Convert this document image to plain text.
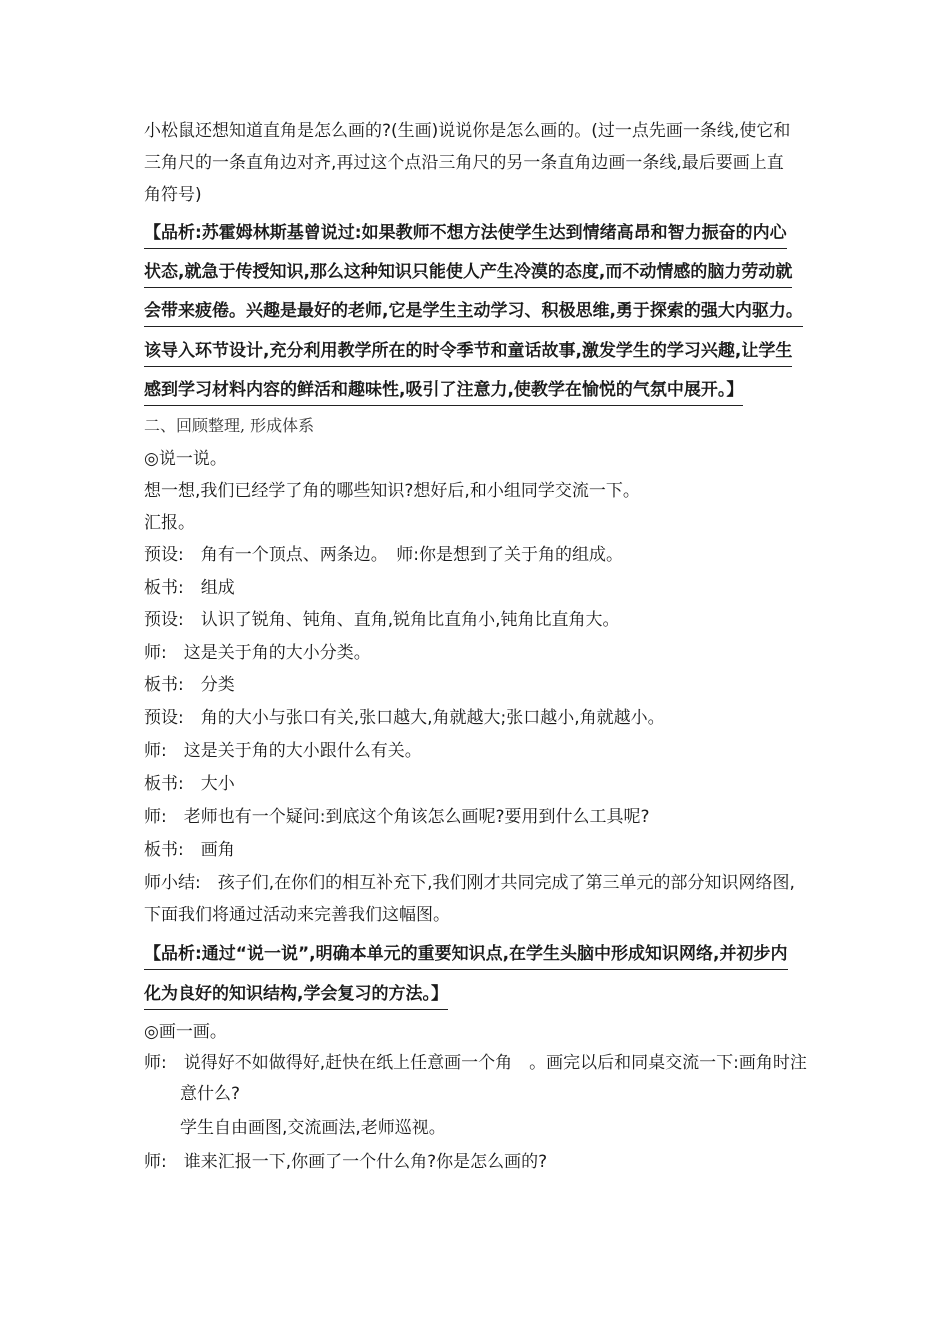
小松鼠还想知道直角是怎么画的?(生画)说说你是怎么画的。(过一点先画一条线,使它和
三角尺的一条直角边对齐,再过这个点沿三角尺的另一条直角边画一条线,最后要画上直
角符号)
【品析:苏霍姆林斯基曾说过:如果教师不想方法使学生达到情绪高昂和智力振奋的内心
状态,就急于传授知识,那么这种知识只能使人产生冷漠的态度,而不动情感的脑力劳动就
会带来疲倦。兴趣是最好的老师,它是学生主动学习、积极思维,勇于探索的强大内驱力。
该导入环节设计,充分利用教学所在的时令季节和童话故事,激发学生的学习兴趣,让学生
感到学习材料内容的鲜活和趣味性,吸引了注意力,使教学在愉悦的气氛中展开。】
二、回顾整理, 形成体系
◎说一说。
想一想,我们已经学了角的哪些知识?想好后,和小组同学交流一下。
汇报。
预设:　角有一个顶点、两条边。　师:你是想到了关于角的组成。
板书:　组成
预设:　认识了锐角、钝角、直角,锐角比直角小,钝角比直角大。
师:　这是关于角的大小分类。
板书:　分类
预设:　角的大小与张口有关,张口越大,角就越大;张口越小,角就越小。
师:　这是关于角的大小跟什么有关。
板书:　大小
师:　老师也有一个疑问:到底这个角该怎么画呢?要用到什么工具呢?
板书:　画角
师小结:　孩子们,在你们的相互补充下,我们刚才共同完成了第三单元的部分知识网络图,
下面我们将通过活动来完善我们这幅图。
【品析:通过“说一说”,明确本单元的重要知识点,在学生头脑中形成知识网络,并初步内
化为良好的知识结构,学会复习的方法。】
◎画一画。
师:　说得好不如做得好,赶快在纸上任意画一个角　。画完以后和同桌交流一下:画角时注
意什么?
学生自由画图,交流画法,老师巡视。
师:　谁来汇报一下,你画了一个什么角?你是怎么画的?
